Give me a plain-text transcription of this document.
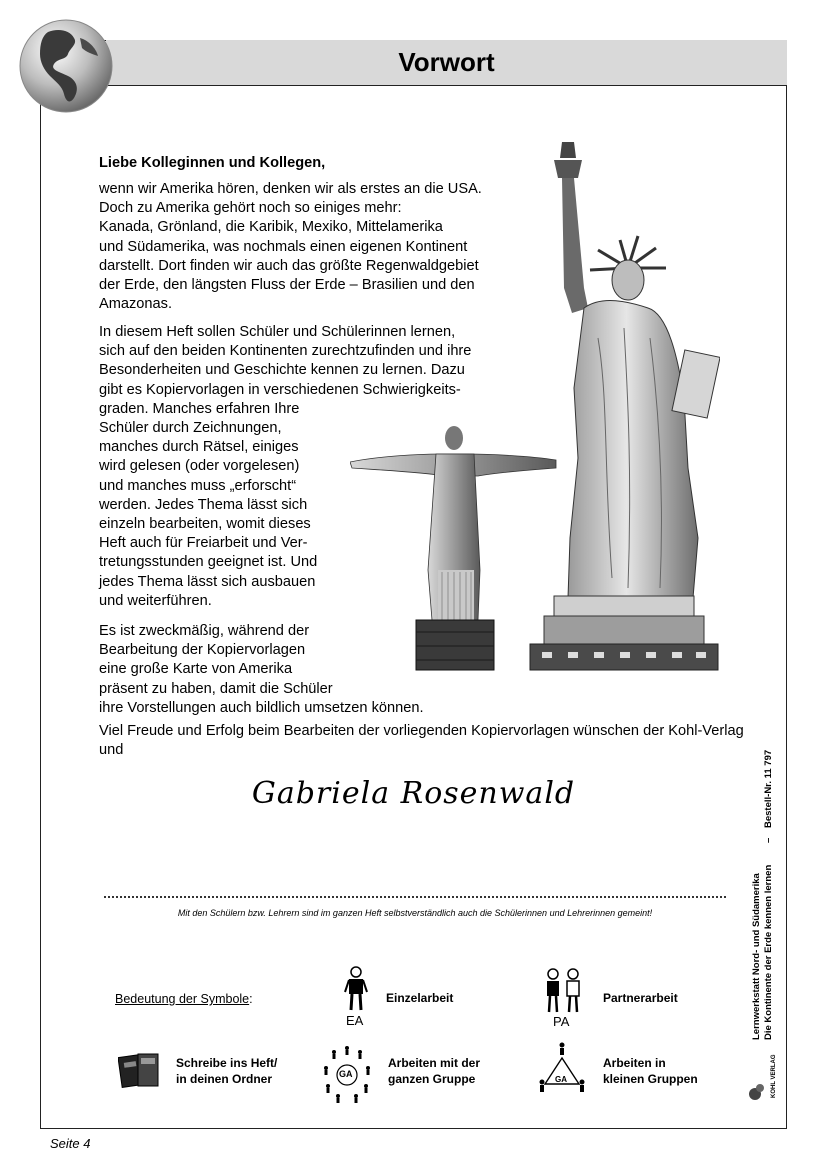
Vorwort
Liebe Kolleginnen und Kollegen,
wenn wir Amerika hören, denken wir als erstes an die USA.
Doch zu Amerika gehört noch so einiges mehr:
Kanada, Grönland, die Karibik, Mexiko, Mittelamerika
und Südamerika, was nochmals einen eigenen Kontinent
darstellt. Dort finden wir auch das größte Regenwaldgebiet
der Erde, den längsten Fluss der Erde – Brasilien und den
Amazonas.
In diesem Heft sollen Schüler und Schülerinnen lernen,
sich auf den beiden Kontinenten zurechtzufinden und ihre
Besonderheiten und Geschichte kennen zu lernen. Dazu
gibt es Kopiervorlagen in verschiedenen Schwierigkeits-
graden. Manches erfahren Ihre
Schüler durch Zeichnungen,
manches durch Rätsel, einiges
wird gelesen (oder vorgelesen)
und manches muss „erforscht“
werden. Jedes Thema lässt sich
einzeln bearbeiten, womit dieses
Heft auch für Freiarbeit und Ver-
tretungsstunden geeignet ist. Und
jedes Thema lässt sich ausbauen
und weiterführen.
Es ist zweckmäßig, während der
Bearbeitung der Kopiervorlagen
eine große Karte von Amerika
präsent zu haben, damit die Schüler
ihre Vorstellungen auch bildlich umsetzen können.
Viel Freude und Erfolg beim Bearbeiten der vorliegenden Kopiervorlagen wünschen der Kohl-Verlag und
Gabriela Rosenwald
Mit den Schülern bzw. Lehrern sind im ganzen Heft selbstverständlich auch die Schülerinnen und Lehrerinnen gemeint!
Bedeutung der Symbole:
EA
Einzelarbeit
PA
Partnerarbeit
Schreibe ins Heft/
in deinen Ordner	GA
Arbeiten mit der
ganzen Gruppe	GA
Arbeiten in
kleinen Gruppen
Lernwerkstatt Nord- und Südamerika Die Kontinente der Erde kennen lernen
–
Bestell-Nr. 11 797
KOHL VERLAG
Seite 4
